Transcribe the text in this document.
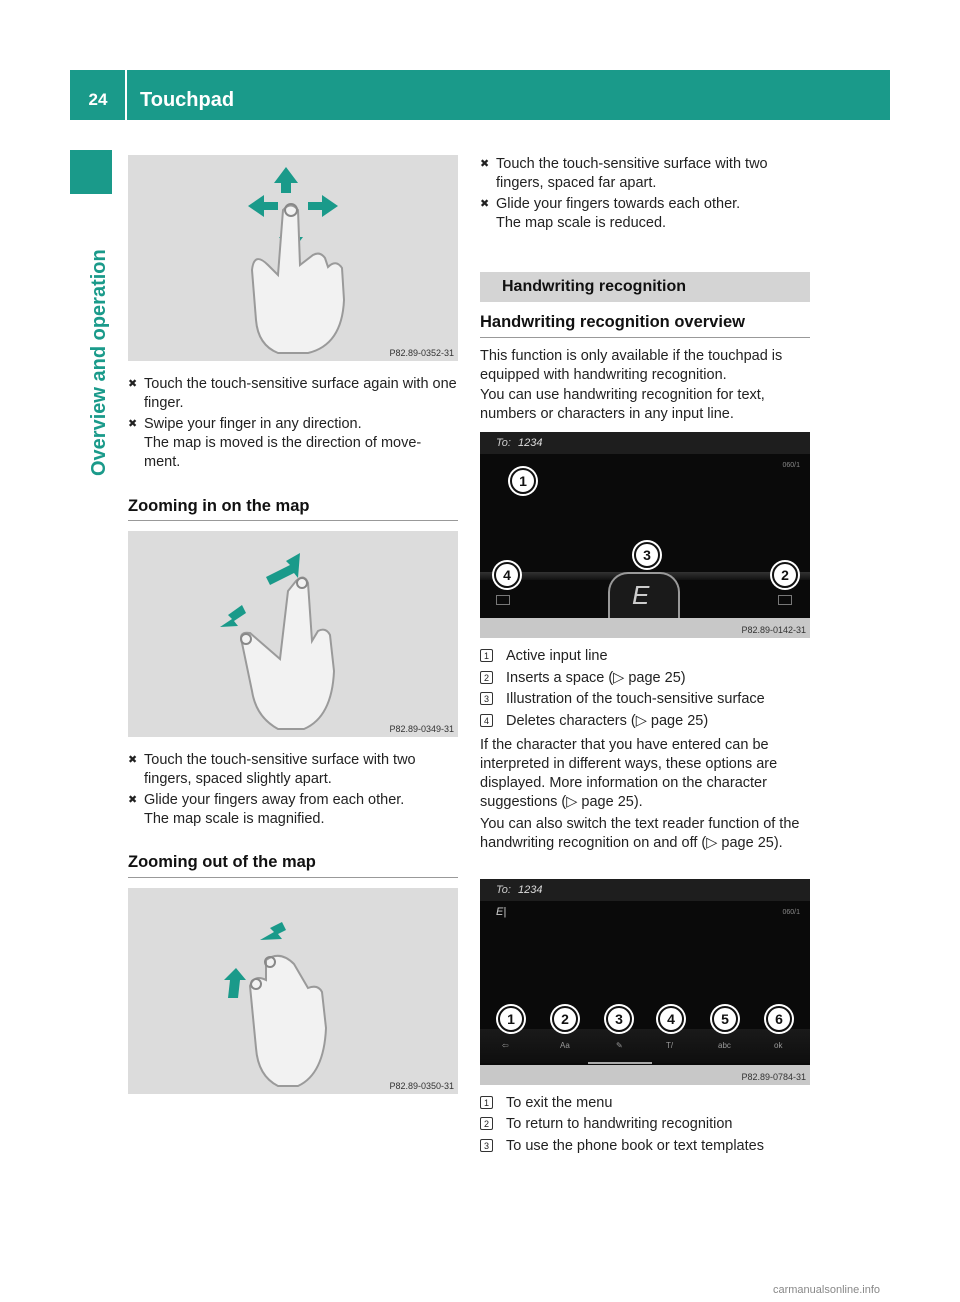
24	Touchpad
Overview and operation	P82.89-0352-31
✖ Touch the touch-sensitive surface again with one finger.
✖ Swipe your finger in any direction.
The map is moved is the direction of move-
ment.
Zooming in on the map
P82.89-0349-31
✖ Touch the touch-sensitive surface with two fingers, spaced slightly apart.
✖ Glide your fingers away from each other.
The map scale is magnified.
Zooming out of the map
P82.89-0350-31
✖ Touch the touch-sensitive surface with two fingers, spaced far apart.
✖ Glide your fingers towards each other.
The map scale is reduced.
Handwriting recognition
Handwriting recognition overview
This function is only available if the touchpad is equipped with handwriting recognition.
You can use handwriting recognition for text, numbers or characters in any input line.
To: 1234
060/1
E
1
3
4	2
P82.89-0142-31
1 Active input line
2 Inserts a space (▷ page 25)
3 Illustration of the touch-sensitive surface
4 Deletes characters (▷ page 25)
If the character that you have entered can be interpreted in different ways, these options are displayed. More information on the character suggestions (▷ page 25).
You can also switch the text reader function of the handwriting recognition on and off (▷ page 25).
To: 1234
E|	060/1
⇦	Aa	✎	T/	abc	ok
1	2	3	4	5	6
P82.89-0784-31
1 To exit the menu
2 To return to handwriting recognition
3 To use the phone book or text templates
carmanualsonline.info
